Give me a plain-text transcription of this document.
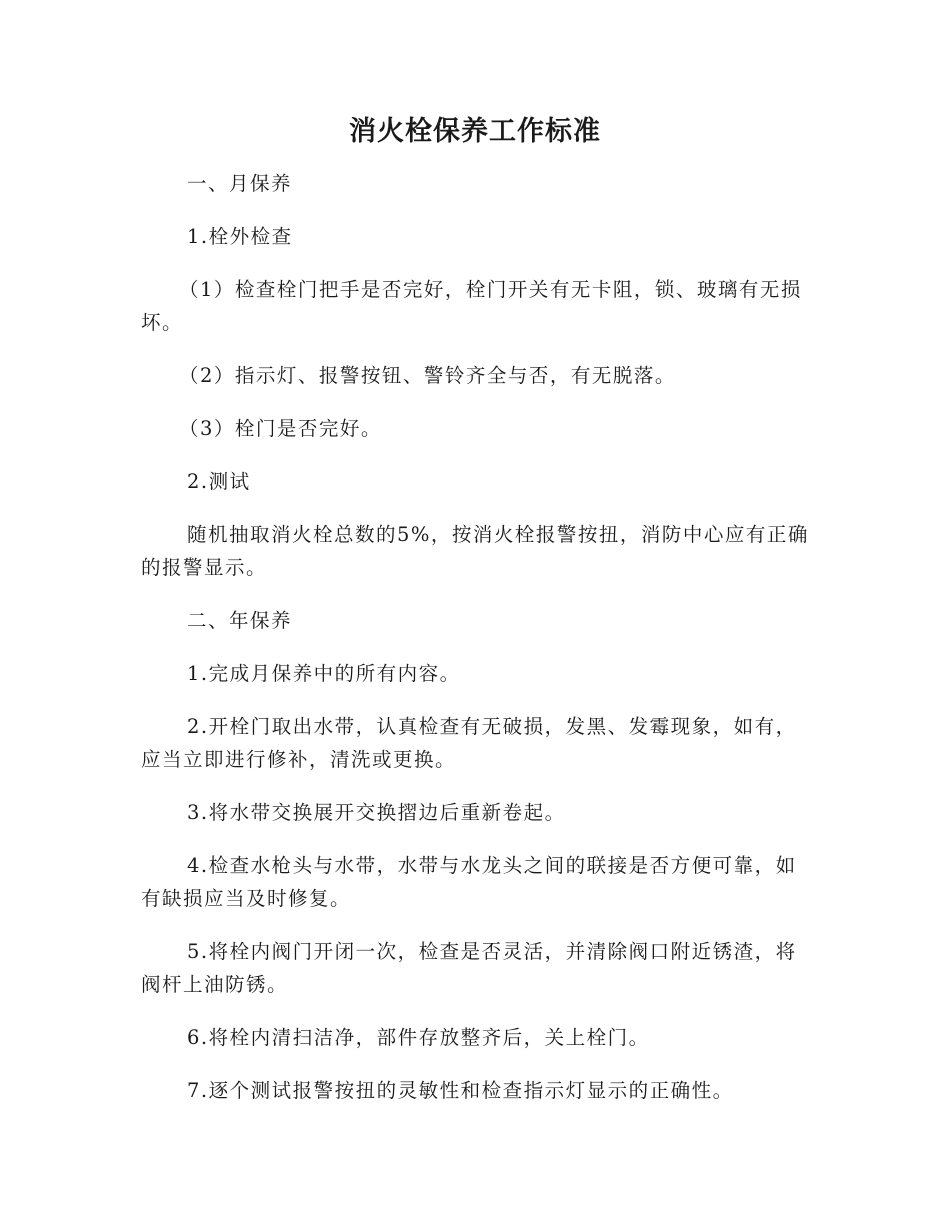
消火栓保养工作标准

一、月保养

1.栓外检查

（1）检查栓门把手是否完好，栓门开关有无卡阻，锁、玻璃有无损坏。

（2）指示灯、报警按钮、警铃齐全与否，有无脱落。

（3）栓门是否完好。

2.测试

随机抽取消火栓总数的5%，按消火栓报警按扭，消防中心应有正确的报警显示。

二、年保养

1.完成月保养中的所有内容。

2.开栓门取出水带，认真检查有无破损，发黑、发霉现象，如有，应当立即进行修补，清洗或更换。

3.将水带交换展开交换摺边后重新卷起。

4.检查水枪头与水带，水带与水龙头之间的联接是否方便可靠，如有缺损应当及时修复。

5.将栓内阀门开闭一次，检查是否灵活，并清除阀口附近锈渣，将阀杆上油防锈。

6.将栓内清扫洁净，部件存放整齐后，关上栓门。

7.逐个测试报警按扭的灵敏性和检查指示灯显示的正确性。
